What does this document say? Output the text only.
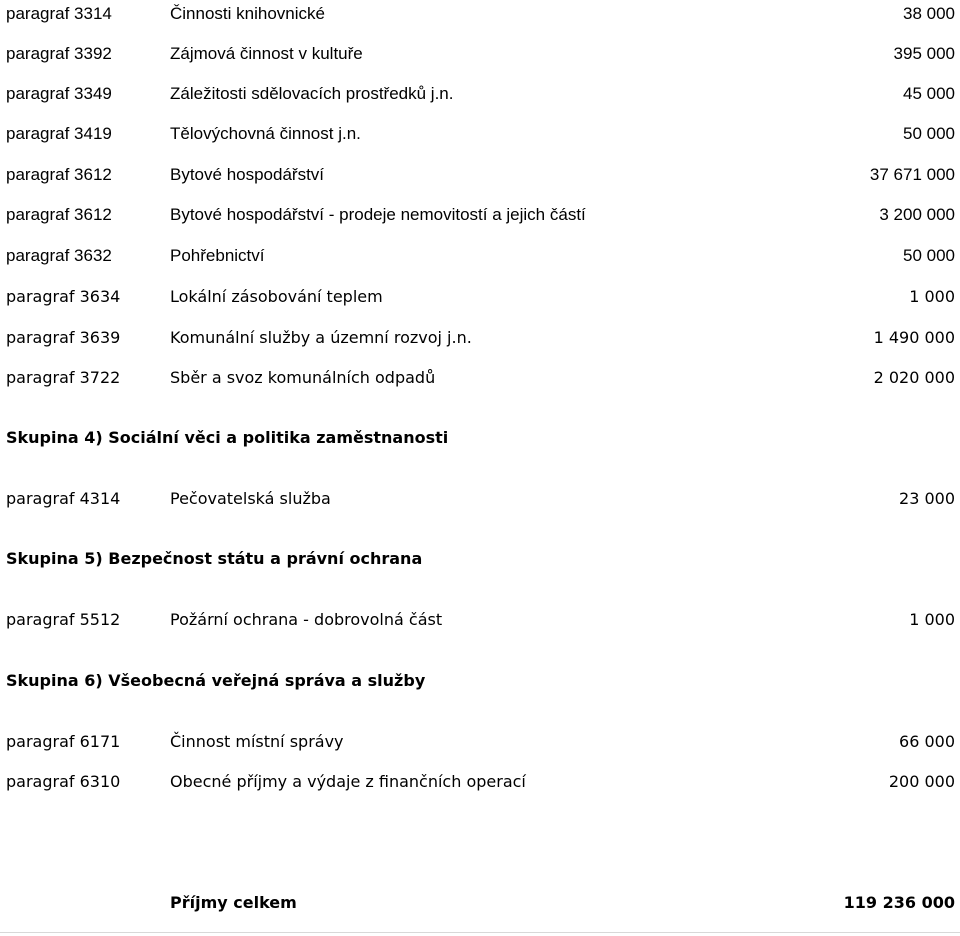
paragraf 3314	Činnosti knihovnické	38 000
paragraf 3392	Zájmová činnost v kultuře	395 000
paragraf 3349	Záležitosti sdělovacích prostředků j.n.	45 000
paragraf 3419	Tělovýchovná činnost j.n.	50 000
paragraf 3612	Bytové hospodářství	37 671 000
paragraf 3612	Bytové hospodářství - prodeje nemovitostí a jejich částí	3 200 000
paragraf 3632	Pohřebnictví	50 000
paragraf 3634	Lokální zásobování teplem	1 000
paragraf 3639	Komunální služby a územní rozvoj j.n.	1 490 000
paragraf 3722	Sběr a svoz komunálních odpadů	2 020 000
Skupina 4) Sociální věci a politika zaměstnanosti
paragraf 4314	Pečovatelská služba	23 000
Skupina 5) Bezpečnost státu a právní ochrana
paragraf 5512	Požární ochrana - dobrovolná část	1 000
Skupina 6) Všeobecná veřejná správa a služby
paragraf 6171	Činnost místní správy	66 000
paragraf 6310	Obecné příjmy a výdaje z finančních operací	200 000
Příjmy celkem	119 236 000
